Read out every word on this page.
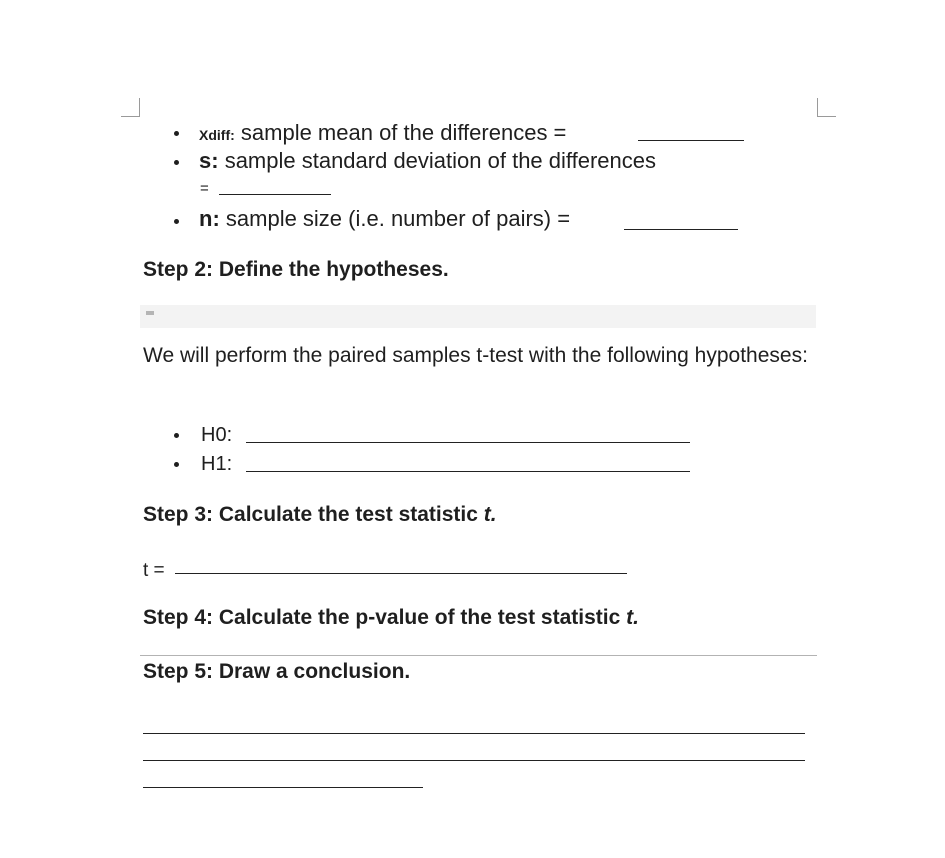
Xdiff: sample mean of the differences =
s: sample standard deviation of the differences
=
n: sample size (i.e. number of pairs) =
Step 2: Define the hypotheses.
We will perform the paired samples t-test with the following hypotheses:
H0:
H1:
Step 3: Calculate the test statistic t.
t =
Step 4: Calculate the p-value of the test statistic t.
Step 5: Draw a conclusion.
